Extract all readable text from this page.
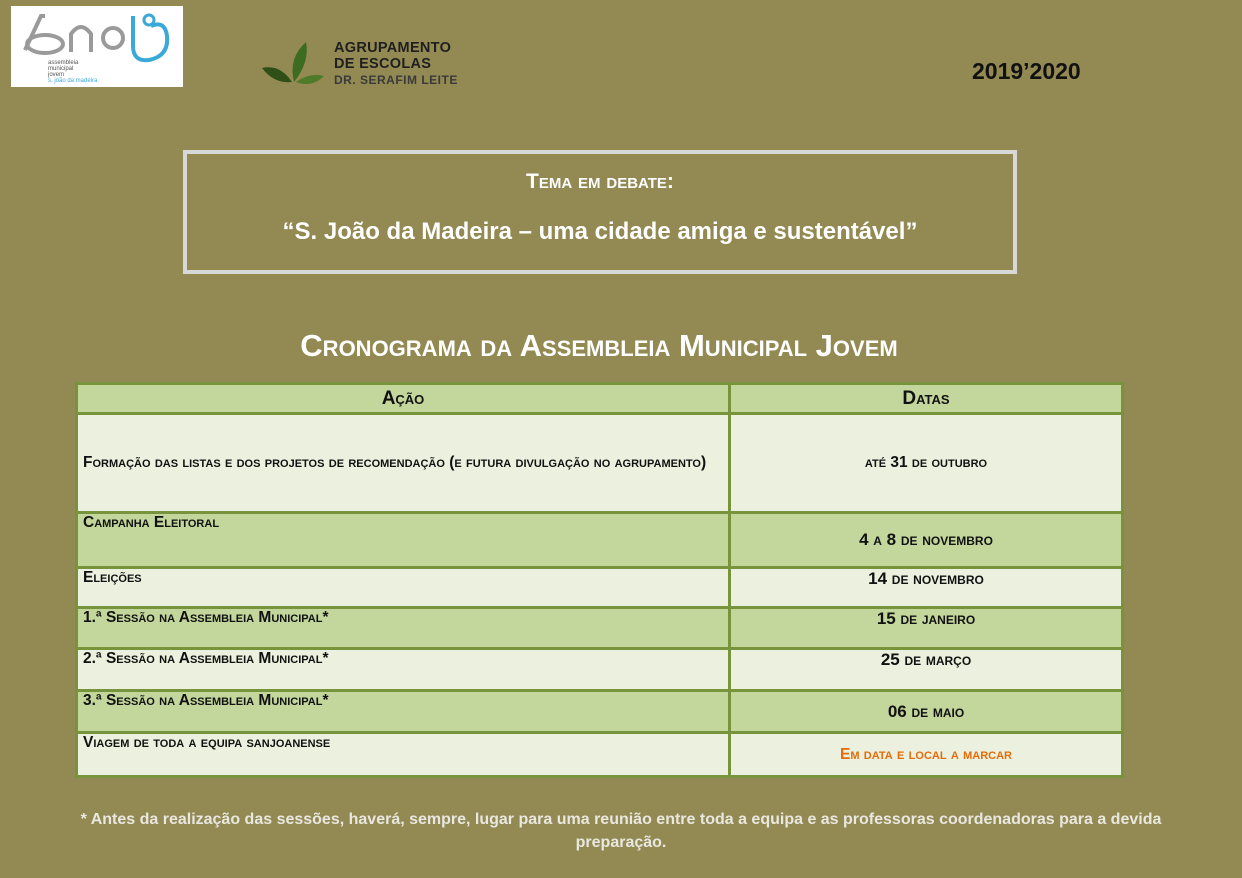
assembleia
municipal
jovem
s. joão da madeira
AGRUPAMENTO
DE ESCOLAS
DR. SERAFIM LEITE	2019’2020
Tema em debate:
“S. João da Madeira – uma cidade amiga e sustentável”
Cronograma da Assembleia Municipal Jovem
Ação	Datas
Formação das listas e dos projetos de recomendação (e futura divulgação no agrupamento)	até 31 de outubro
Campanha Eleitoral	4 a 8 de novembro
Eleições	14 de novembro
1.ª Sessão na Assembleia Municipal*	15 de janeiro
2.ª Sessão na Assembleia Municipal*	25 de março
3.ª Sessão na Assembleia Municipal*	06 de maio
Viagem de toda a equipa sanjoanense	Em data e local a marcar
* Antes da realização das sessões, haverá, sempre, lugar para uma reunião entre toda a equipa e as professoras coordenadoras para a devida preparação.
